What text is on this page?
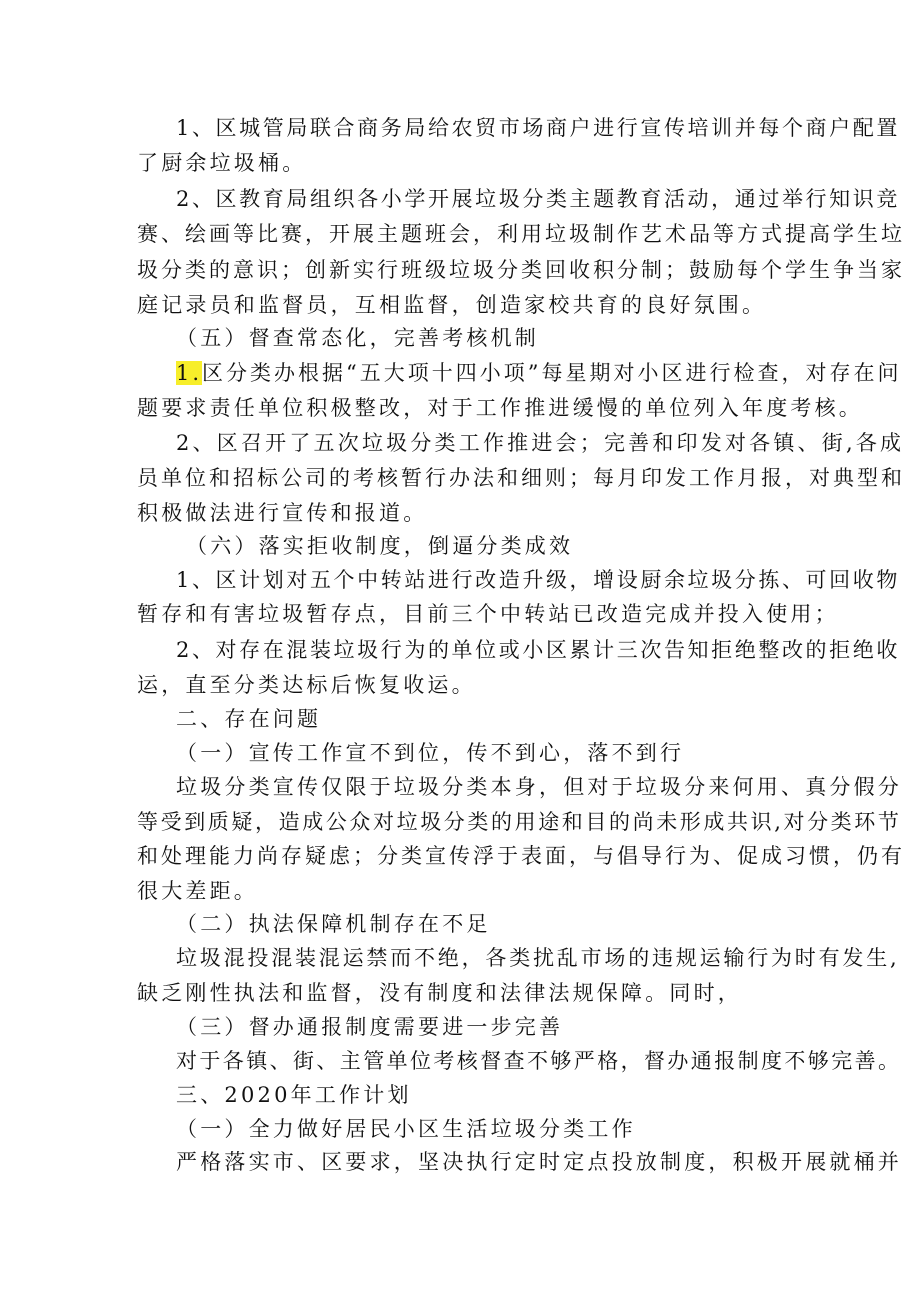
1、区城管局联合商务局给农贸市场商户进行宣传培训并每个商户配置

了厨余垃圾桶。

2、区教育局组织各小学开展垃圾分类主题教育活动，通过举行知识竞

赛、绘画等比赛，开展主题班会，利用垃圾制作艺术品等方式提高学生垃

圾分类的意识；创新实行班级垃圾分类回收积分制；鼓励每个学生争当家

庭记录员和监督员，互相监督，创造家校共育的良好氛围。

（五）督查常态化，完善考核机制

1.区分类办根据“五大项十四小项”每星期对小区进行检查，对存在问

题要求责任单位积极整改，对于工作推进缓慢的单位列入年度考核。

2、区召开了五次垃圾分类工作推进会；完善和印发对各镇、街,各成

员单位和招标公司的考核暂行办法和细则；每月印发工作月报，对典型和

积极做法进行宣传和报道。

（六）落实拒收制度，倒逼分类成效

1、区计划对五个中转站进行改造升级，增设厨余垃圾分拣、可回收物

暂存和有害垃圾暂存点，目前三个中转站已改造完成并投入使用；

2、对存在混装垃圾行为的单位或小区累计三次告知拒绝整改的拒绝收

运，直至分类达标后恢复收运。

二、存在问题

（一）宣传工作宣不到位，传不到心，落不到行

垃圾分类宣传仅限于垃圾分类本身，但对于垃圾分来何用、真分假分

等受到质疑，造成公众对垃圾分类的用途和目的尚未形成共识,对分类环节

和处理能力尚存疑虑；分类宣传浮于表面，与倡导行为、促成习惯，仍有

很大差距。

（二）执法保障机制存在不足

垃圾混投混装混运禁而不绝，各类扰乱市场的违规运输行为时有发生,

缺乏刚性执法和监督，没有制度和法律法规保障。同时，

（三）督办通报制度需要进一步完善

对于各镇、街、主管单位考核督查不够严格，督办通报制度不够完善。

三、2020年工作计划

（一）全力做好居民小区生活垃圾分类工作

严格落实市、区要求，坚决执行定时定点投放制度，积极开展就桶并
